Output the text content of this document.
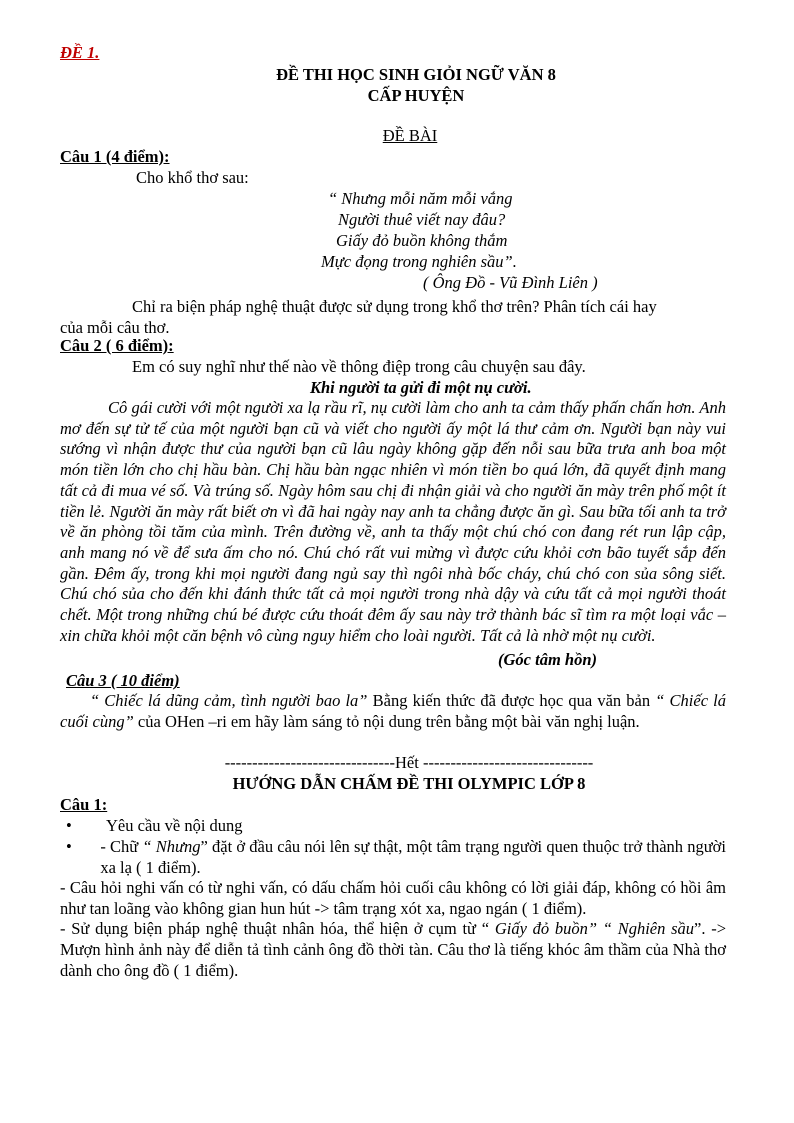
ĐỀ 1.
ĐỀ THI HỌC SINH GIỎI NGỮ VĂN 8
CẤP HUYỆN
ĐỀ BÀI
Câu 1 (4 điểm):
Cho khổ thơ sau:
“ Nhưng mỗi năm mỗi vắng
Người thuê viết nay đâu?
Giấy đỏ buồn không thắm
Mực đọng trong nghiên sầu”.
( Ông Đồ - Vũ Đình Liên )
Chỉ ra biện pháp nghệ thuật được sử dụng trong khổ thơ trên? Phân tích cái hay
của mỗi câu thơ.
Câu 2 ( 6 điểm):
Em có suy nghĩ như thế nào về thông điệp trong câu chuyện sau đây.
Khi người ta gửi đi một nụ cười.
Cô gái cười với một người xa lạ rầu rĩ, nụ cười làm cho anh ta cảm thấy phấn chấn hơn. Anh mơ đến sự tử tế của một người bạn cũ và viết cho người ấy một lá thư cảm ơn. Người bạn này vui sướng vì nhận được thư của người bạn cũ lâu ngày không gặp đến nỗi sau bữa trưa anh boa một món tiền lớn cho chị hầu bàn. Chị hầu bàn ngạc nhiên vì món tiền bo quá lớn, đã quyết định mang tất cả đi mua vé số. Và trúng số. Ngày hôm sau chị đi nhận giải và cho người ăn mày trên phố một ít tiền lẻ. Người ăn mày rất biết ơn vì đã hai ngày nay anh ta chẳng được ăn gì. Sau bữa tối anh ta trở về ăn phòng tồi tăm của mình. Trên đường về, anh ta thấy một chú chó con đang rét run lập cập, anh mang nó về để sưa ấm cho nó. Chú chó rất vui mừng vì được cứu khỏi cơn bão tuyết sắp đến gần. Đêm ấy, trong khi mọi người đang ngủ say thì ngôi nhà bốc cháy, chú chó con sủa sông siết. Chú chó sủa cho đến khi đánh thức tất cả mọi người trong nhà dậy và cứu tất cả mọi người thoát chết. Một trong những chú bé được cứu thoát đêm ấy sau này trở thành bác sĩ tìm ra một loại vắc – xin chữa khỏi một căn bệnh vô cùng nguy hiểm cho loài người. Tất cả là nhờ một nụ cười.
(Góc tâm hồn)
Câu 3 ( 10 điểm)
“ Chiếc lá dũng cảm, tình người bao la” Bằng kiến thức đã được học qua văn bản “ Chiếc lá cuối cùng” của OHen –ri em hãy làm sáng tỏ nội dung trên bằng một bài văn nghị luận.
-------------------------------Hết -------------------------------
HƯỚNG DẪN CHẤM ĐỀ THI OLYMPIC LỚP 8
Câu 1:
•	Yêu cầu về nội dung
•	- Chữ “ Nhưng” đặt ở đầu câu nói lên sự thật, một tâm trạng người quen thuộc trở thành người xa lạ ( 1 điểm).
- Câu hỏi nghi vấn có từ nghi vấn, có dấu chấm hỏi cuối câu không có lời giải đáp, không có hồi âm như tan loãng vào không gian hun hút -> tâm trạng xót xa, ngao ngán ( 1 điểm).
- Sử dụng biện pháp nghệ thuật nhân hóa, thể hiện ở cụm từ “ Giấy đỏ buồn” “ Nghiên sầu”. -> Mượn hình ảnh này để diễn tả tình cảnh ông đồ thời tàn. Câu thơ là tiếng khóc âm thầm của Nhà thơ dành cho ông đồ ( 1 điểm).
